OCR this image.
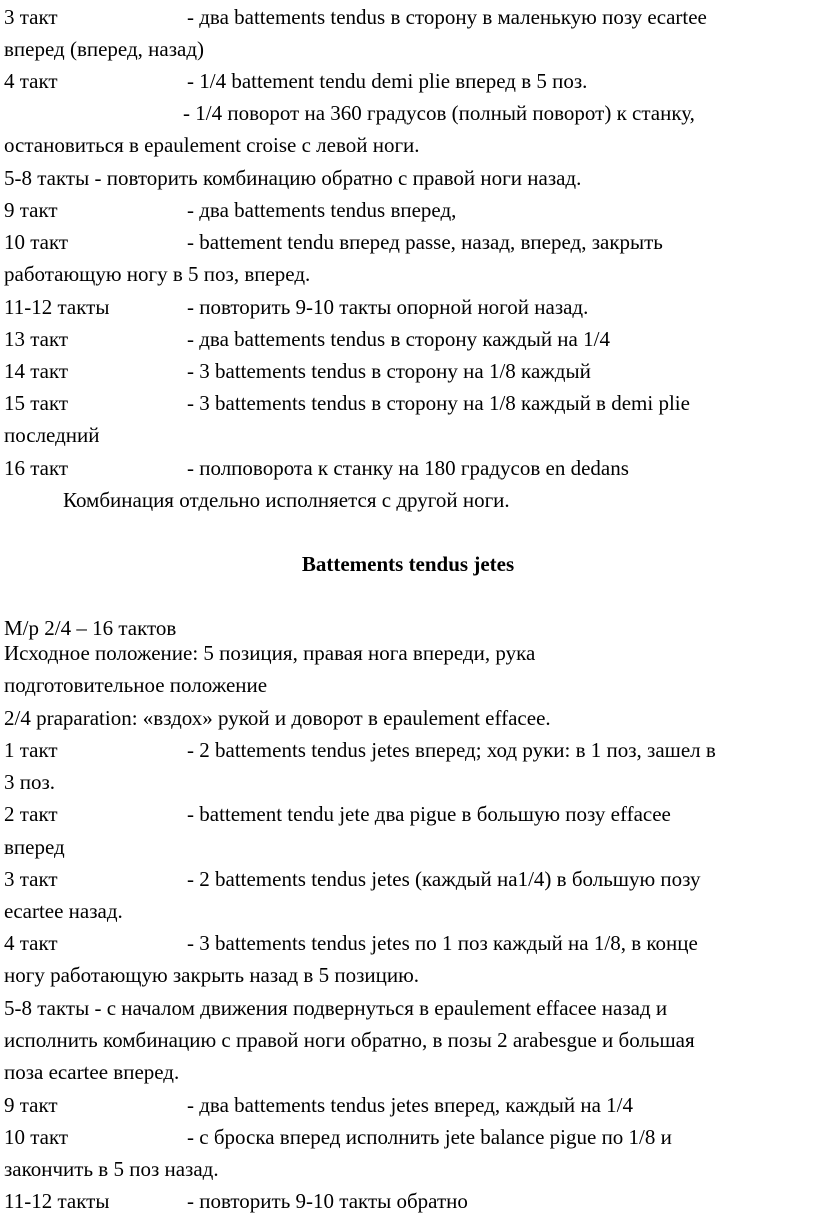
3 такт	- два battements tendus в сторону в маленькую позу ecartee
вперед (вперед, назад)
4 такт	- 1/4 battement tendu demi plie вперед в 5 поз.
- 1/4 поворот на 360 градусов (полный поворот) к станку,
остановиться в epaulement croise с левой ноги.
5-8 такты - повторить комбинацию обратно с правой ноги назад.
9 такт	- два battements tendus вперед,
10 такт	- battement tendu вперед passe, назад, вперед, закрыть
работающую ногу в 5 поз, вперед.
11-12 такты	- повторить 9-10 такты опорной ногой назад.
13 такт	- два battements tendus в сторону каждый на 1/4
14 такт	- 3 battements tendus в сторону на 1/8 каждый
15 такт	- 3 battements tendus в сторону на 1/8 каждый в demi plie
последний
16 такт	- полповорота к станку на 180 градусов en dedans
Комбинация отдельно исполняется с другой ноги.
Battements tendus jetes
М/р 2/4 – 16 тактов
Исходное положение: 5 позиция, правая нога впереди, рука
подготовительное положение
2/4 praparation: «вздох» рукой и доворот в epaulement effacee.
1 такт	- 2 battements tendus jetes вперед; ход руки: в 1 поз, зашел в
3 поз.
2 такт	- battement tendu jete два pigue в большую позу effacee
вперед
3 такт	- 2 battements tendus jetes (каждый на1/4) в большую позу
ecartee назад.
4 такт	- 3 battements tendus jetes по 1 поз каждый на 1/8, в конце
ногу работающую закрыть назад в 5 позицию.
5-8 такты - с началом движения подвернуться в epaulement effacee назад и
исполнить комбинацию с правой ноги обратно, в позы 2 arabesgue и большая
поза ecartee вперед.
9 такт	- два battements tendus jetes вперед, каждый на 1/4
10 такт	- с броска вперед исполнить jete balance pigue по 1/8 и
закончить в 5 поз назад.
11-12 такты	- повторить 9-10 такты обратно
